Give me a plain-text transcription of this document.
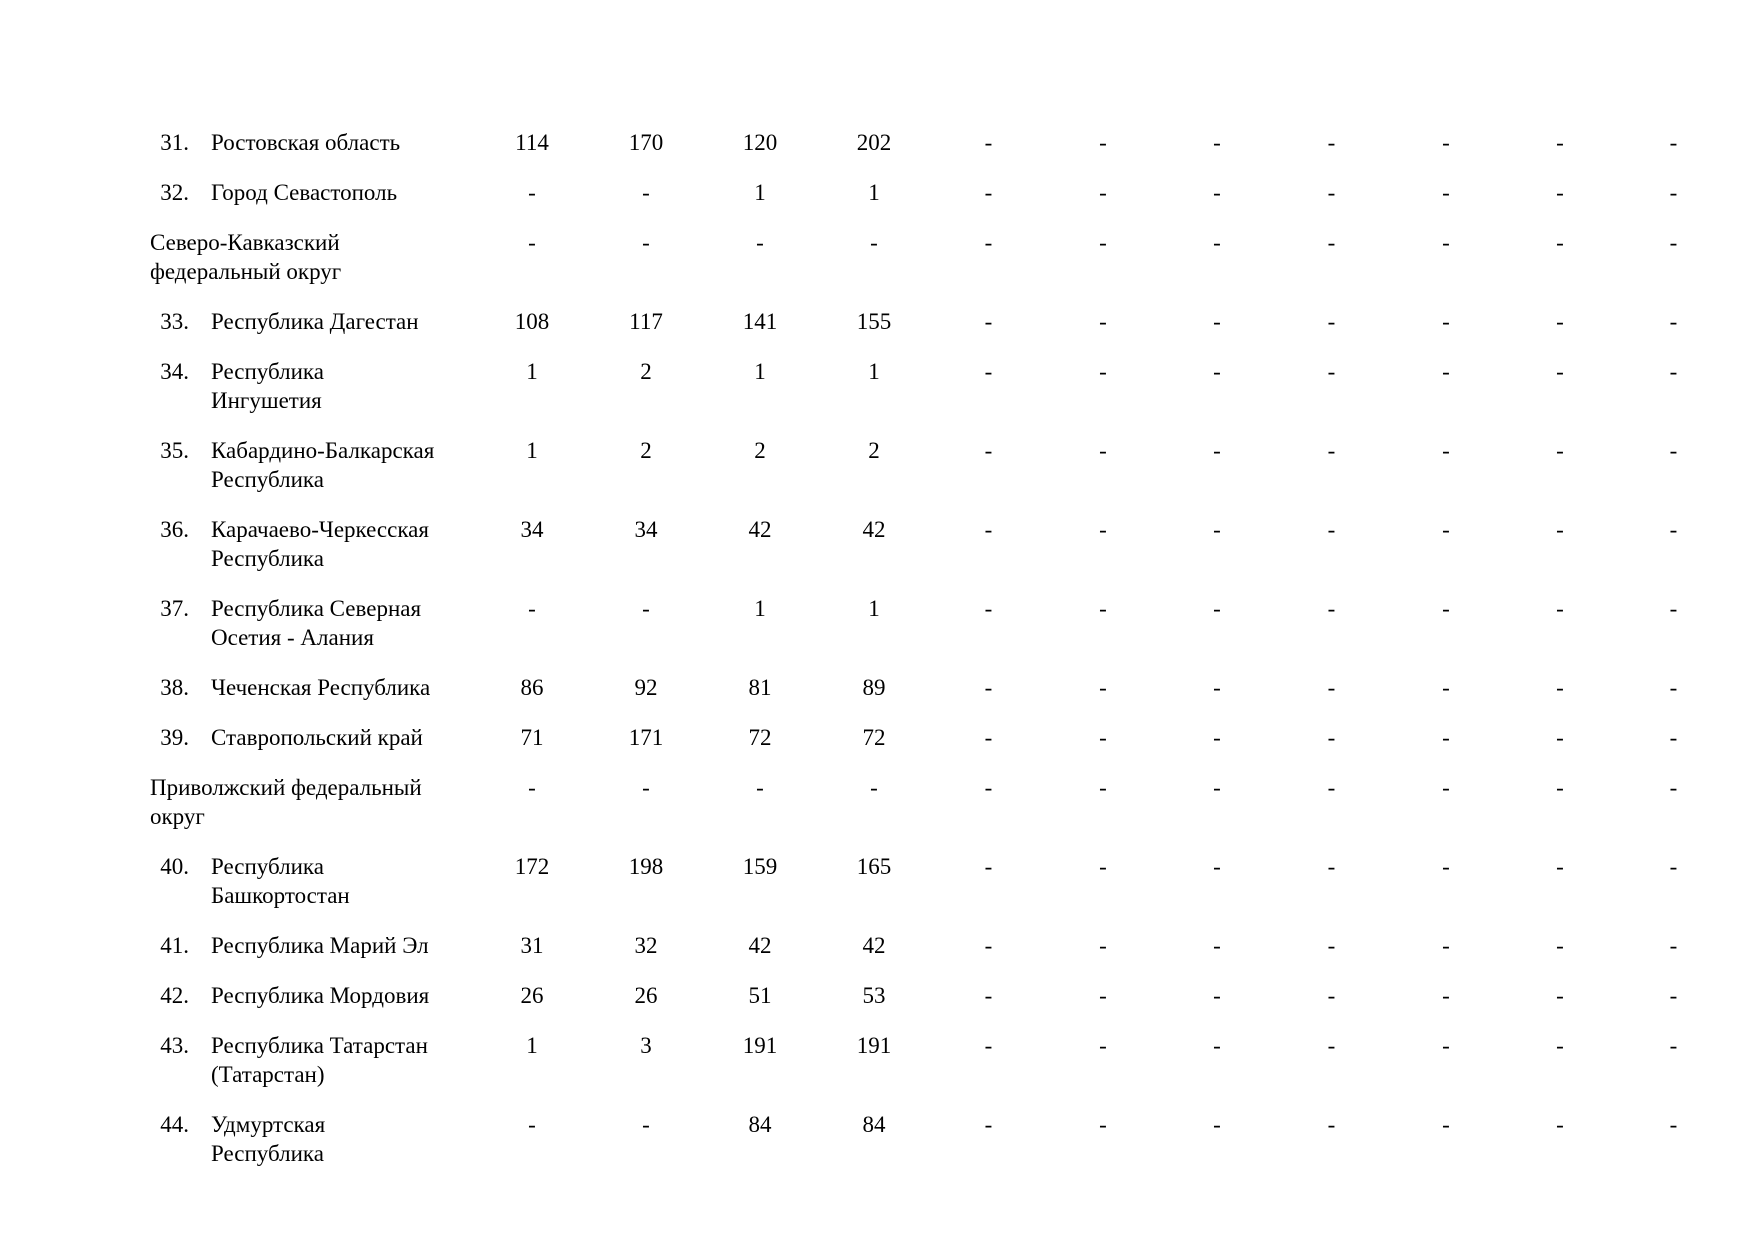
31.	Ростовская область	114	170	120	202	-	-	-	-	-	-	-
32.	Город Севастополь	-	-	1	1	-	-	-	-	-	-	-

Северо-Кавказский
федеральный округ		-	-	-	-	-	-	-	-	-	-	-
33.	Республика Дагестан	108	117	141	155	-	-	-	-	-	-	-
34.	Республика
Ингушетия	1	2	1	1	-	-	-	-	-	-	-
35.	Кабардино-Балкарская
Республика	1	2	2	2	-	-	-	-	-	-	-
36.	Карачаево-Черкесская
Республика	34	34	42	42	-	-	-	-	-	-	-
37.	Республика Северная
Осетия - Алания	-	-	1	1	-	-	-	-	-	-	-
38.	Чеченская Республика	86	92	81	89	-	-	-	-	-	-	-
39.	Ставропольский край	71	171	72	72	-	-	-	-	-	-	-

Приволжский федеральный
округ		-	-	-	-	-	-	-	-	-	-	-
40.	Республика
Башкортостан	172	198	159	165	-	-	-	-	-	-	-
41.	Республика Марий Эл	31	32	42	42	-	-	-	-	-	-	-
42.	Республика Мордовия	26	26	51	53	-	-	-	-	-	-	-
43.	Республика Татарстан
(Татарстан)	1	3	191	191	-	-	-	-	-	-	-
44.	Удмуртская
Республика	-	-	84	84	-	-	-	-	-	-	-
